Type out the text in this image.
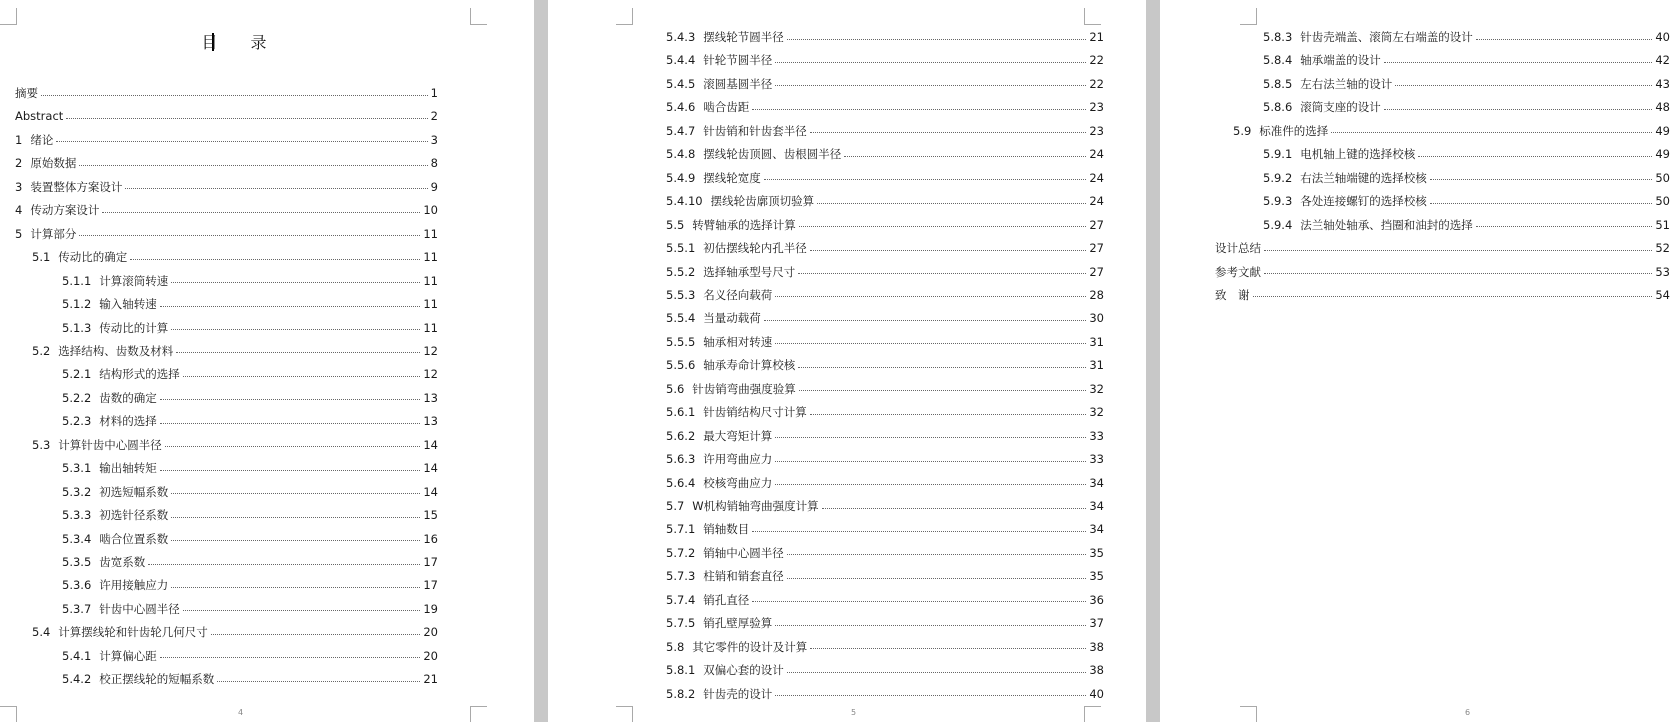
目 录
摘要	1
Abstract	2
1 绪论	3
2 原始数据	8
3 装置整体方案设计	9
4 传动方案设计	10
5 计算部分	11
5.1 传动比的确定	11
5.1.1 计算滚筒转速	11
5.1.2 输入轴转速	11
5.1.3 传动比的计算	11
5.2 选择结构、齿数及材料	12
5.2.1 结构形式的选择	12
5.2.2 齿数的确定	13
5.2.3 材料的选择	13
5.3 计算针齿中心圆半径	14
5.3.1 输出轴转矩	14
5.3.2 初选短幅系数	14
5.3.3 初选针径系数	15
5.3.4 啮合位置系数	16
5.3.5 齿宽系数	17
5.3.6 许用接触应力	17
5.3.7 针齿中心圆半径	19
5.4 计算摆线轮和针齿轮几何尺寸	20
5.4.1 计算偏心距	20
5.4.2 校正摆线轮的短幅系数	21
4
5.4.3 摆线轮节圆半径	21
5.4.4 针轮节圆半径	22
5.4.5 滚圆基圆半径	22
5.4.6 啮合齿距	23
5.4.7 针齿销和针齿套半径	23
5.4.8 摆线轮齿顶圆、齿根圆半径	24
5.4.9 摆线轮宽度	24
5.4.10 摆线轮齿廓顶切验算	24
5.5 转臂轴承的选择计算	27
5.5.1 初估摆线轮内孔半径	27
5.5.2 选择轴承型号尺寸	27
5.5.3 名义径向载荷	28
5.5.4 当量动载荷	30
5.5.5 轴承相对转速	31
5.5.6 轴承寿命计算校核	31
5.6 针齿销弯曲强度验算	32
5.6.1 针齿销结构尺寸计算	32
5.6.2 最大弯矩计算	33
5.6.3 许用弯曲应力	33
5.6.4 校核弯曲应力	34
5.7 W机构销轴弯曲强度计算	34
5.7.1 销轴数目	34
5.7.2 销轴中心圆半径	35
5.7.3 柱销和销套直径	35
5.7.4 销孔直径	36
5.7.5 销孔壁厚验算	37
5.8 其它零件的设计及计算	38
5.8.1 双偏心套的设计	38
5.8.2 针齿壳的设计	40
5
5.8.3 针齿壳端盖、滚筒左右端盖的设计	40
5.8.4 轴承端盖的设计	42
5.8.5 左右法兰轴的设计	43
5.8.6 滚筒支座的设计	48
5.9 标准件的选择	49
5.9.1 电机轴上键的选择校核	49
5.9.2 右法兰轴端键的选择校核	50
5.9.3 各处连接螺钉的选择校核	50
5.9.4 法兰轴处轴承、挡圈和油封的选择	51
设计总结	52
参考文献	53
致　谢	54
6
